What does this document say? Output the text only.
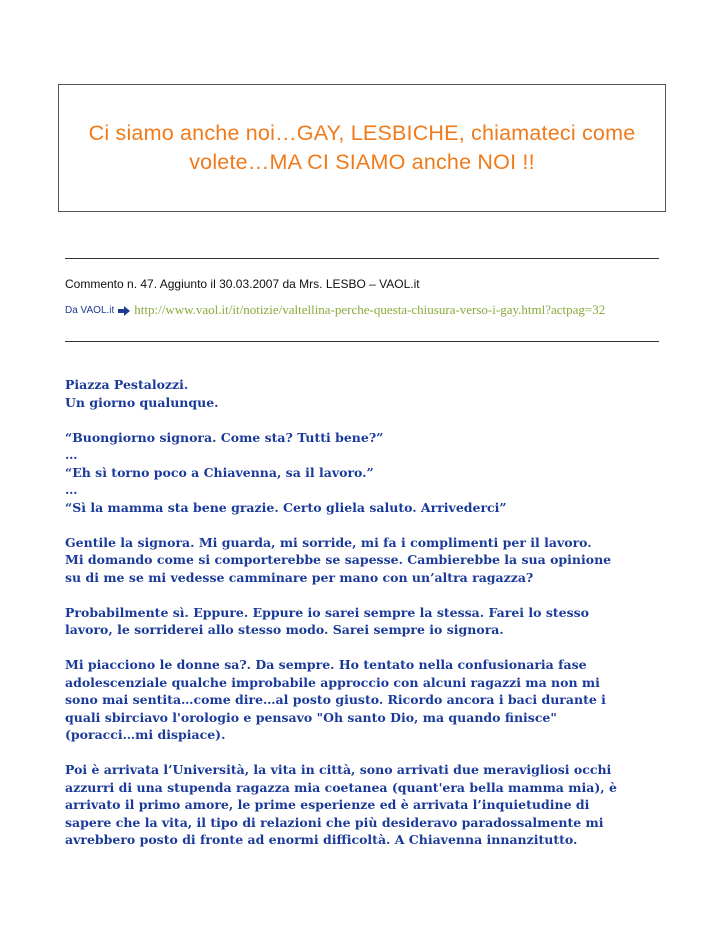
Ci siamo anche noi…GAY, LESBICHE, chiamateci come volete…MA CI SIAMO anche NOI !!
Commento n. 47. Aggiunto il 30.03.2007 da Mrs. LESBO – VAOL.it
Da VAOL.it http://www.vaol.it/it/notizie/valtellina-perche-questa-chiusura-verso-i-gay.html?actpag=32
Piazza Pestalozzi.
Un giorno qualunque.
“Buongiorno signora. Come sta? Tutti bene?”
…
“Eh sì torno poco a Chiavenna, sa il lavoro.”
…
“Sì la mamma sta bene grazie. Certo gliela saluto. Arrivederci”
Gentile la signora. Mi guarda, mi sorride, mi fa i complimenti per il lavoro.
Mi domando come si comporterebbe se sapesse. Cambierebbe la sua opinione
su di me se mi vedesse camminare per mano con un’altra ragazza?
Probabilmente sì. Eppure. Eppure io sarei sempre la stessa. Farei lo stesso
lavoro, le sorriderei allo stesso modo. Sarei sempre io signora.
Mi piacciono le donne sa?. Da sempre. Ho tentato nella confusionaria fase
adolescenziale qualche improbabile approccio con alcuni ragazzi ma non mi
sono mai sentita…come dire…al posto giusto. Ricordo ancora i baci durante i
quali sbirciavo l'orologio e pensavo "Oh santo Dio, ma quando finisce"
(poracci…mi dispiace).
Poi è arrivata l’Università, la vita in città, sono arrivati due meravigliosi occhi
azzurri di una stupenda ragazza mia coetanea (quant'era bella mamma mia), è
arrivato il primo amore, le prime esperienze ed è arrivata l’inquietudine di
sapere che la vita, il tipo di relazioni che più desideravo paradossalmente mi
avrebbero posto di fronte ad enormi difficoltà. A Chiavenna innanzitutto.
